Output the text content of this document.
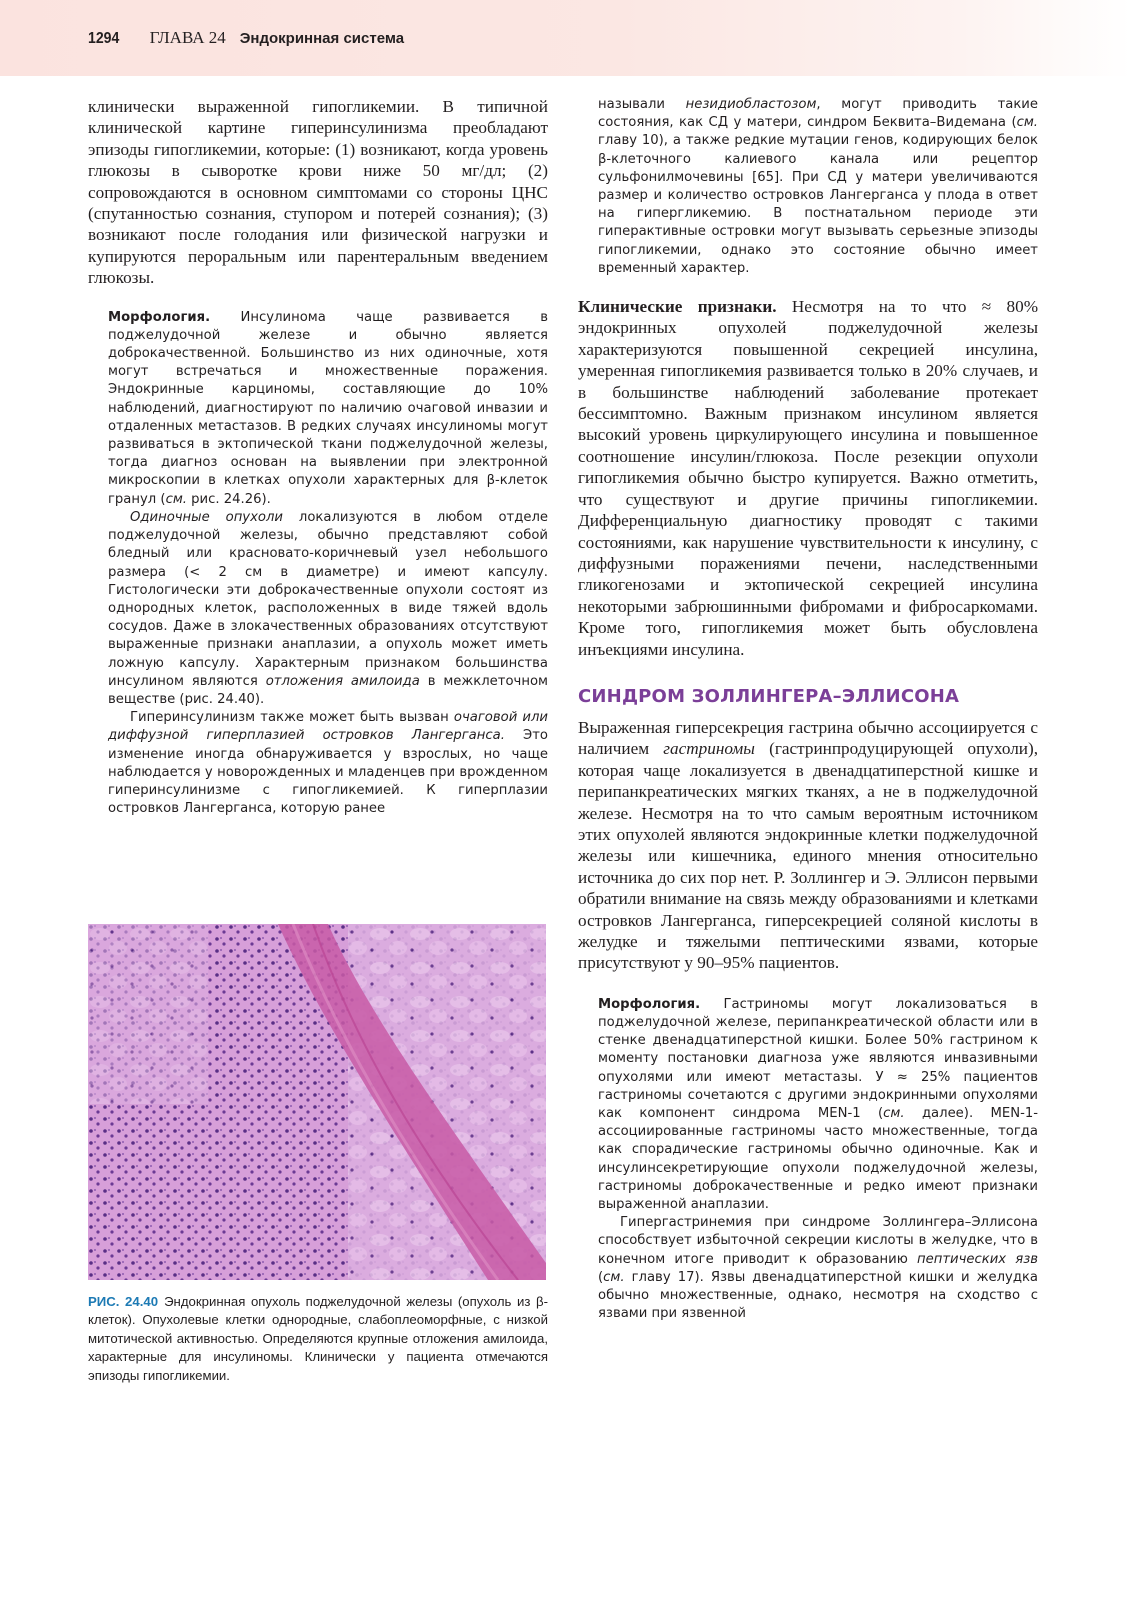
1294 ГЛАВА 24 Эндокринная система

клинически выраженной гипогликемии. В типичной клинической картине гиперинсулинизма преобладают эпизоды гипогликемии, которые: (1) возникают, когда уровень глюкозы в сыворотке крови ниже 50 мг/дл; (2) сопровождаются в основном симптомами со стороны ЦНС (спутанностью сознания, ступором и потерей сознания); (3) возникают после голодания или физической нагрузки и купируются пероральным или парентеральным введением глюкозы.

Морфология. Инсулинома чаще развивается в поджелудочной железе и обычно является доброкачественной. Большинство из них одиночные, хотя могут встречаться и множественные поражения. Эндокринные карциномы, составляющие до 10% наблюдений, диагностируют по наличию очаговой инвазии и отдаленных метастазов. В редких случаях инсулиномы могут развиваться в эктопической ткани поджелудочной железы, тогда диагноз основан на выявлении при электронной микроскопии в клетках опухоли характерных для β-клеток гранул (см. рис. 24.26).

Одиночные опухоли локализуются в любом отделе поджелудочной железы, обычно представляют собой бледный или красновато-коричневый узел небольшого размера (< 2 см в диаметре) и имеют капсулу. Гистологически эти доброкачественные опухоли состоят из однородных клеток, расположенных в виде тяжей вдоль сосудов. Даже в злокачественных образованиях отсутствуют выраженные признаки анаплазии, а опухоль может иметь ложную капсулу. Характерным признаком большинства инсулином являются отложения амилоида в межклеточном веществе (рис. 24.40).

Гиперинсулинизм также может быть вызван очаговой или диффузной гиперплазией островков Лангерганса. Это изменение иногда обнаруживается у взрослых, но чаще наблюдается у новорожденных и младенцев при врожденном гиперинсулинизме с гипогликемией. К гиперплазии островков Лангерганса, которую ранее

РИС. 24.40 Эндокринная опухоль поджелудочной железы (опухоль из β-клеток). Опухолевые клетки однородные, слабоплеоморфные, с низкой митотической активностью. Определяются крупные отложения амилоида, характерные для инсулиномы. Клинически у пациента отмечаются эпизоды гипогликемии.

называли незидиобластозом, могут приводить такие состояния, как СД у матери, синдром Беквита–Видемана (см. главу 10), а также редкие мутации генов, кодирующих белок β-клеточного калиевого канала или рецептор сульфонилмочевины [65]. При СД у матери увеличиваются размер и количество островков Лангерганса у плода в ответ на гипергликемию. В постнатальном периоде эти гиперактивные островки могут вызывать серьезные эпизоды гипогликемии, однако это состояние обычно имеет временный характер.

Клинические признаки. Несмотря на то что ≈ 80% эндокринных опухолей поджелудочной железы характеризуются повышенной секрецией инсулина, умеренная гипогликемия развивается только в 20% случаев, и в большинстве наблюдений заболевание протекает бессимптомно. Важным признаком инсулином является высокий уровень циркулирующего инсулина и повышенное соотношение инсулин/глюкоза. После резекции опухоли гипогликемия обычно быстро купируется. Важно отметить, что существуют и другие причины гипогликемии. Дифференциальную диагностику проводят с такими состояниями, как нарушение чувствительности к инсулину, с диффузными поражениями печени, наследственными гликогенозами и эктопической секрецией инсулина некоторыми забрюшинными фибромами и фибросаркомами. Кроме того, гипогликемия может быть обусловлена инъекциями инсулина.

СИНДРОМ ЗОЛЛИНГЕРА–ЭЛЛИСОНА

Выраженная гиперсекреция гастрина обычно ассоциируется с наличием гастриномы (гастринпродуцирующей опухоли), которая чаще локализуется в двенадцатиперстной кишке и перипанкреатических мягких тканях, а не в поджелудочной железе. Несмотря на то что самым вероятным источником этих опухолей являются эндокринные клетки поджелудочной железы или кишечника, единого мнения относительно источника до сих пор нет. Р. Золлингер и Э. Эллисон первыми обратили внимание на связь между образованиями и клетками островков Лангерганса, гиперсекрецией соляной кислоты в желудке и тяжелыми пептическими язвами, которые присутствуют у 90–95% пациентов.

Морфология. Гастриномы могут локализоваться в поджелудочной железе, перипанкреатической области или в стенке двенадцатиперстной кишки. Более 50% гастрином к моменту постановки диагноза уже являются инвазивными опухолями или имеют метастазы. У ≈ 25% пациентов гастриномы сочетаются с другими эндокринными опухолями как компонент синдрома MEN-1 (см. далее). MEN-1-ассоциированные гастриномы часто множественные, тогда как спорадические гастриномы обычно одиночные. Как и инсулинсекретирующие опухоли поджелудочной железы, гастриномы доброкачественные и редко имеют признаки выраженной анаплазии.

Гипергастринемия при синдроме Золлингера–Эллисона способствует избыточной секреции кислоты в желудке, что в конечном итоге приводит к образованию пептических язв (см. главу 17). Язвы двенадцатиперстной кишки и желудка обычно множественные, однако, несмотря на сходство с язвами при язвенной
